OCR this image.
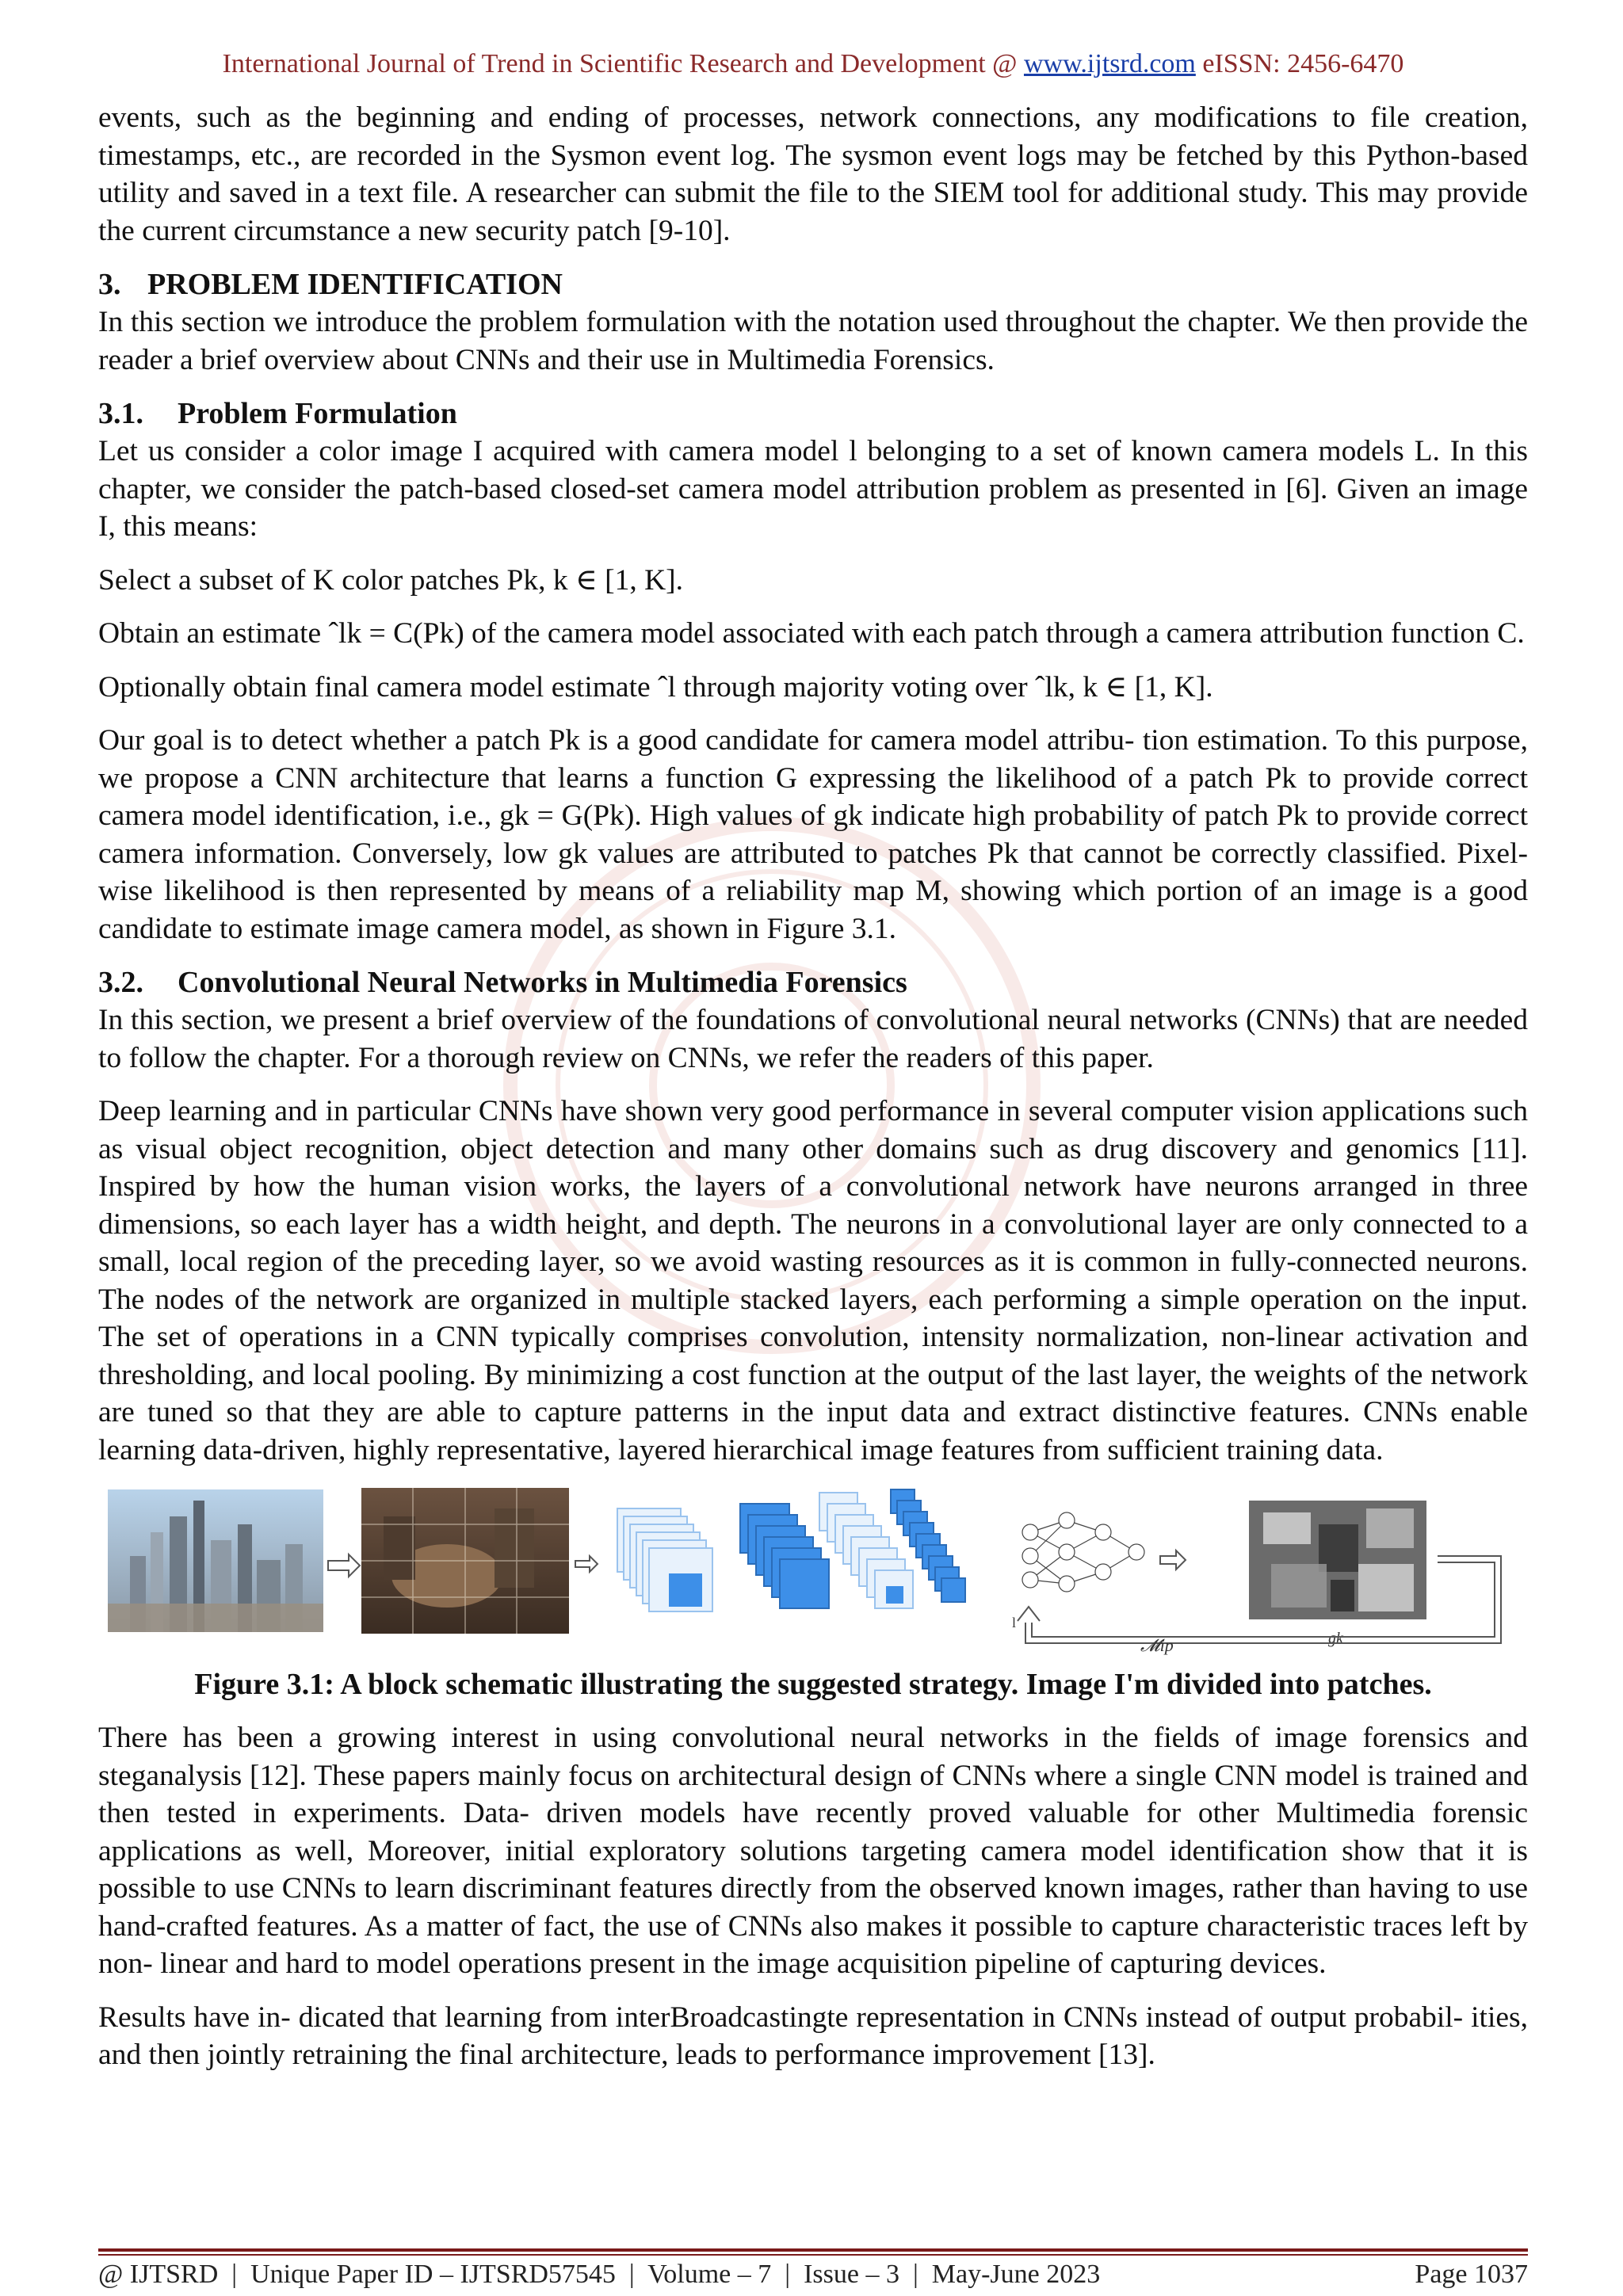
International Journal of Trend in Scientific Research and Development @ www.ijtsrd.com eISSN: 2456-6470

events, such as the beginning and ending of processes, network connections, any modifications to file creation, timestamps, etc., are recorded in the Sysmon event log. The sysmon event logs may be fetched by this Python-based utility and saved in a text file. A researcher can submit the file to the SIEM tool for additional study. This may provide the current circumstance a new security patch [9-10].

3. PROBLEM IDENTIFICATION

In this section we introduce the problem formulation with the notation used throughout the chapter. We then provide the reader a brief overview about CNNs and their use in Multimedia Forensics.

3.1. Problem Formulation

Let us consider a color image I acquired with camera model l belonging to a set of known camera models L. In this chapter, we consider the patch-based closed-set camera model attribution problem as presented in [6]. Given an image I, this means:

Select a subset of K color patches Pk, k ∈ [1, K].

Obtain an estimate ˆlk = C(Pk) of the camera model associated with each patch through a camera attribution function C.

Optionally obtain final camera model estimate ˆl through majority voting over ˆlk, k ∈ [1, K].

Our goal is to detect whether a patch Pk is a good candidate for camera model attribu- tion estimation. To this purpose, we propose a CNN architecture that learns a function G expressing the likelihood of a patch Pk to provide correct camera model identification, i.e., gk = G(Pk). High values of gk indicate high probability of patch Pk to provide correct camera information. Conversely, low gk values are attributed to patches Pk that cannot be correctly classified. Pixel-wise likelihood is then represented by means of a reliability map M, showing which portion of an image is a good candidate to estimate image camera model, as shown in Figure 3.1.

3.2. Convolutional Neural Networks in Multimedia Forensics

In this section, we present a brief overview of the foundations of convolutional neural networks (CNNs) that are needed to follow the chapter. For a thorough review on CNNs, we refer the readers of this paper.

Deep learning and in particular CNNs have shown very good performance in several computer vision applications such as visual object recognition, object detection and many other domains such as drug discovery and genomics [11]. Inspired by how the human vision works, the layers of a convolutional network have neurons arranged in three dimensions, so each layer has a width height, and depth. The neurons in a convolutional layer are only connected to a small, local region of the preceding layer, so we avoid wasting resources as it is common in fully-connected neurons. The nodes of the network are organized in multiple stacked layers, each performing a simple operation on the input. The set of operations in a CNN typically comprises convolution, intensity normalization, non-linear activation and thresholding, and local pooling. By minimizing a cost function at the output of the last layer, the weights of the network are tuned so that they are able to capture patterns in the input data and extract distinctive features. CNNs enable learning data-driven, highly representative, layered hierarchical image features from sufficient training data.

l
gk
𝓜ip

Figure 3.1: A block schematic illustrating the suggested strategy. Image I'm divided into patches.

There has been a growing interest in using convolutional neural networks in the fields of image forensics and steganalysis [12]. These papers mainly focus on architectural design of CNNs where a single CNN model is trained and then tested in experiments. Data- driven models have recently proved valuable for other Multimedia forensic applications as well, Moreover, initial exploratory solutions targeting camera model identification show that it is possible to use CNNs to learn discriminant features directly from the observed known images, rather than having to use hand-crafted features. As a matter of fact, the use of CNNs also makes it possible to capture characteristic traces left by non- linear and hard to model operations present in the image acquisition pipeline of capturing devices.

Results have in- dicated that learning from interBroadcastingte representation in CNNs instead of output probabil- ities, and then jointly retraining the final architecture, leads to performance improvement [13].

@ IJTSRD  |  Unique Paper ID – IJTSRD57545  |  Volume – 7  |  Issue – 3  |  May-June 2023	Page 1037
